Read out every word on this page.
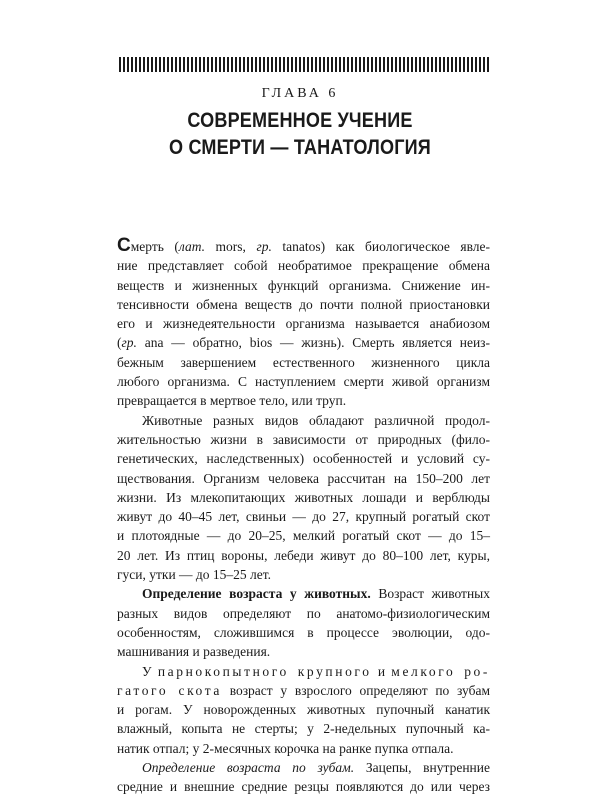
ГЛАВА 6
СОВРЕМЕННОЕ УЧЕНИЕ
О СМЕРТИ — ТАНАТОЛОГИЯ
Смерть (лат. mors, гр. tanatos) как биологическое явле-
ние представляет собой необратимое прекращение обмена
веществ и жизненных функций организма. Снижение ин-
тенсивности обмена веществ до почти полной приостановки
его и жизнедеятельности организма называется анабиозом
(гр. ana — обратно, bios — жизнь). Смерть является неиз-
бежным завершением естественного жизненного цикла
любого организма. С наступлением смерти живой организм
превращается в мертвое тело, или труп.
Животные разных видов обладают различной продол-
жительностью жизни в зависимости от природных (фило-
генетических, наследственных) особенностей и условий су-
ществования. Организм человека рассчитан на 150–200 лет
жизни. Из млекопитающих животных лошади и верблюды
живут до 40–45 лет, свиньи — до 27, крупный рогатый скот
и плотоядные — до 20–25, мелкий рогатый скот — до 15–
20 лет. Из птиц вороны, лебеди живут до 80–100 лет, куры,
гуси, утки — до 15–25 лет.
Определение возраста у животных. Возраст животных
разных видов определяют по анатомо-физиологическим
особенностям, сложившимся в процессе эволюции, одо-
машнивания и разведения.
У парнокопытного крупного и мелкого ро-
гатого скота возраст у взрослого определяют по зубам
и рогам. У новорожденных животных пупочный канатик
влажный, копыта не стерты; у 2-недельных пупочный ка-
натик отпал; у 2-месячных корочка на ранке пупка отпала.
Определение возраста по зубам. Зацепы, внутренние
средние и внешние средние резцы появляются до или через
